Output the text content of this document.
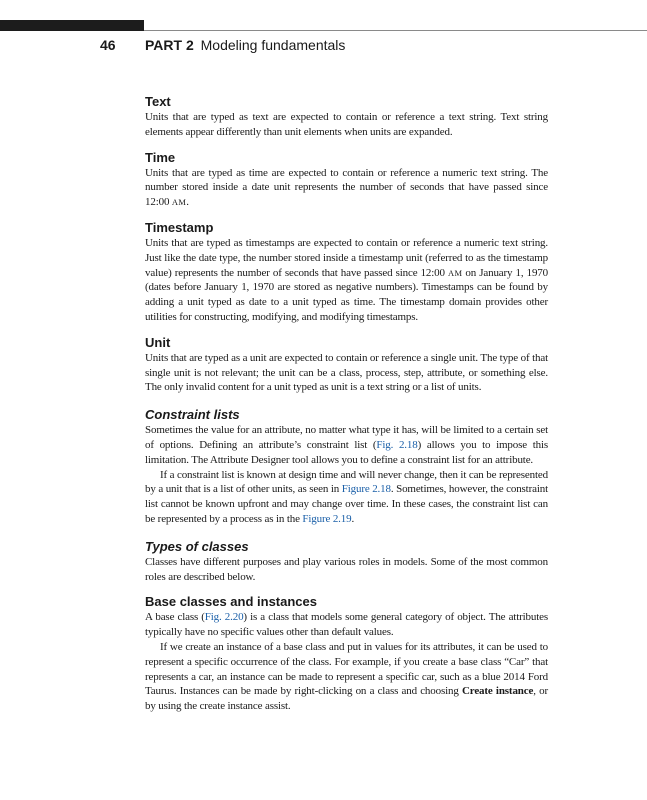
46 PART 2 Modeling fundamentals
Text

Units that are typed as text are expected to contain or reference a text string. Text string elements appear differently than unit elements when units are expanded.

Time

Units that are typed as time are expected to contain or reference a numeric text string. The number stored inside a date unit represents the number of seconds that have passed since 12:00 AM.

Timestamp

Units that are typed as timestamps are expected to contain or reference a numeric text string. Just like the date type, the number stored inside a timestamp unit (referred to as the timestamp value) represents the number of seconds that have passed since 12:00 AM on January 1, 1970 (dates before January 1, 1970 are stored as negative numbers). Timestamps can be found by adding a unit typed as date to a unit typed as time. The timestamp domain provides other utilities for constructing, modifying, and modifying timestamps.

Unit

Units that are typed as a unit are expected to contain or reference a single unit. The type of that single unit is not relevant; the unit can be a class, process, step, attribute, or something else. The only invalid content for a unit typed as unit is a text string or a list of units.

Constraint lists

Sometimes the value for an attribute, no matter what type it has, will be limited to a certain set of options. Defining an attribute’s constraint list (Fig. 2.18) allows you to impose this limitation. The Attribute Designer tool allows you to define a constraint list for an attribute.

If a constraint list is known at design time and will never change, then it can be represented by a unit that is a list of other units, as seen in Figure 2.18. Sometimes, however, the constraint list cannot be known upfront and may change over time. In these cases, the constraint list can be represented by a process as in the Figure 2.19.

Types of classes

Classes have different purposes and play various roles in models. Some of the most common roles are described below.

Base classes and instances

A base class (Fig. 2.20) is a class that models some general category of object. The attributes typically have no specific values other than default values.

If we create an instance of a base class and put in values for its attributes, it can be used to represent a specific occurrence of the class. For example, if you create a base class “Car” that represents a car, an instance can be made to represent a specific car, such as a blue 2014 Ford Taurus. Instances can be made by right-clicking on a class and choosing Create instance, or by using the create instance assist.
